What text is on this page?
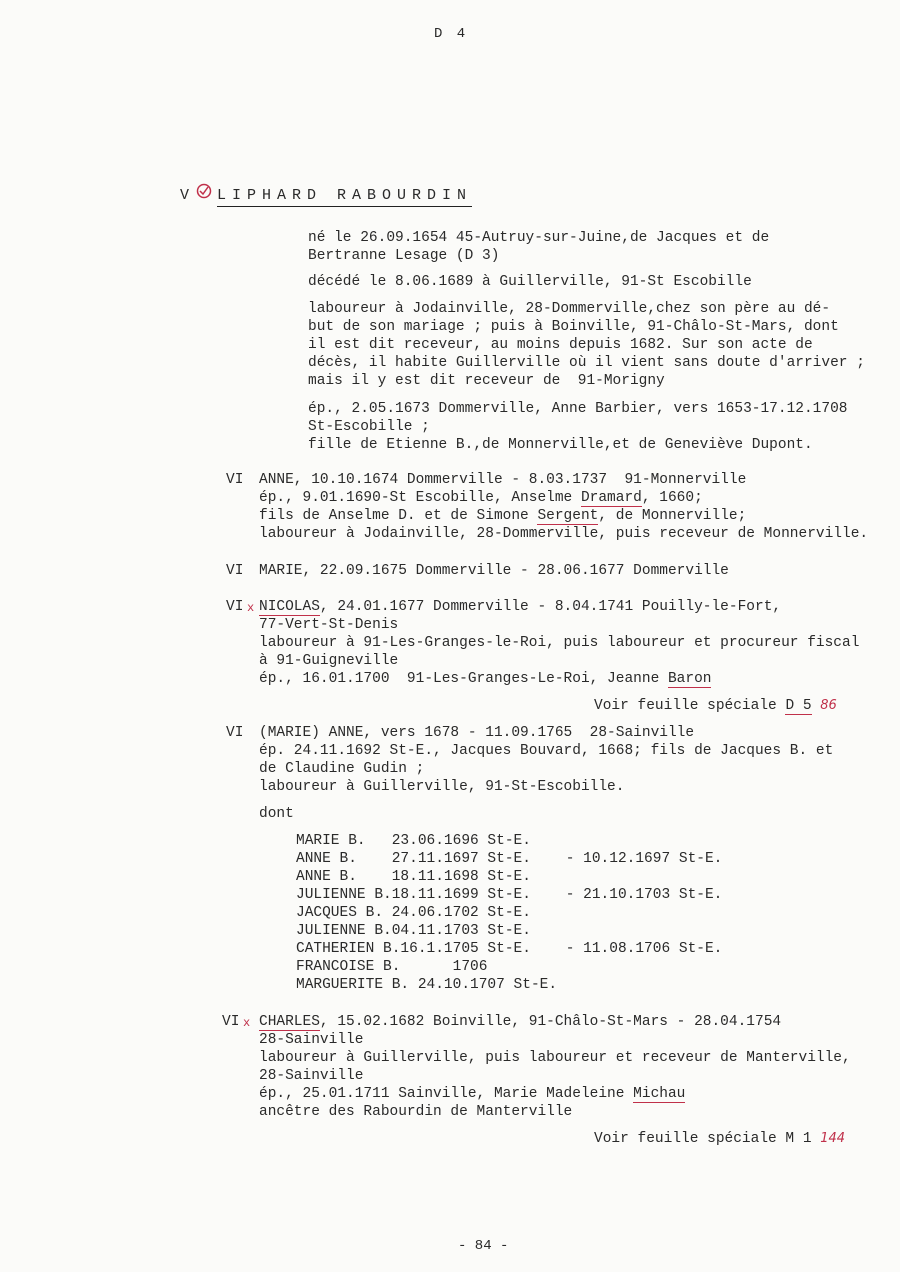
D 4
V LIPHARD RABOURDIN
né le 26.09.1654 45-Autruy-sur-Juine,de Jacques et de
Bertranne Lesage (D 3)
décédé le 8.06.1689 à Guillerville, 91-St Escobille
laboureur à Jodainville, 28-Dommerville,chez son père au dé-
but de son mariage ; puis à Boinville, 91-Châlo-St-Mars, dont
il est dit receveur, au moins depuis 1682. Sur son acte de
décès, il habite Guillerville où il vient sans doute d'arriver ;
mais il y est dit receveur de  91-Morigny
ép., 2.05.1673 Dommerville, Anne Barbier, vers 1653-17.12.1708
St-Escobille ;
fille de Etienne B.,de Monnerville,et de Geneviève Dupont.
VI ANNE, 10.10.1674 Dommerville - 8.03.1737  91-Monnerville
ép., 9.01.1690-St Escobille, Anselme Dramard, 1660;
fils de Anselme D. et de Simone Sergent, de Monnerville;
laboureur à Jodainville, 28-Dommerville, puis receveur de Monnerville.
VI MARIE, 22.09.1675 Dommerville - 28.06.1677 Dommerville
VI x NICOLAS, 24.01.1677 Dommerville - 8.04.1741 Pouilly-le-Fort,
77-Vert-St-Denis
laboureur à 91-Les-Granges-le-Roi, puis laboureur et procureur fiscal
à 91-Guigneville
ép., 16.01.1700  91-Les-Granges-Le-Roi, Jeanne Baron
Voir feuille spéciale D 5 86
VI (MARIE) ANNE, vers 1678 - 11.09.1765  28-Sainville
ép. 24.11.1692 St-E., Jacques Bouvard, 1668; fils de Jacques B. et
de Claudine Gudin ;
laboureur à Guillerville, 91-St-Escobille.
dont
MARIE B.   23.06.1696 St-E.
ANNE B.    27.11.1697 St-E.    - 10.12.1697 St-E.
ANNE B.    18.11.1698 St-E.
JULIENNE B.18.11.1699 St-E.    - 21.10.1703 St-E.
JACQUES B. 24.06.1702 St-E.
JULIENNE B.04.11.1703 St-E.
CATHERIEN B.16.1.1705 St-E.    - 11.08.1706 St-E.
FRANCOISE B.      1706
MARGUERITE B. 24.10.1707 St-E.
VI x CHARLES, 15.02.1682 Boinville, 91-Châlo-St-Mars - 28.04.1754
28-Sainville
laboureur à Guillerville, puis laboureur et receveur de Manterville,
28-Sainville
ép., 25.01.1711 Sainville, Marie Madeleine Michau
ancêtre des Rabourdin de Manterville
Voir feuille spéciale M 1 144
- 84 -
